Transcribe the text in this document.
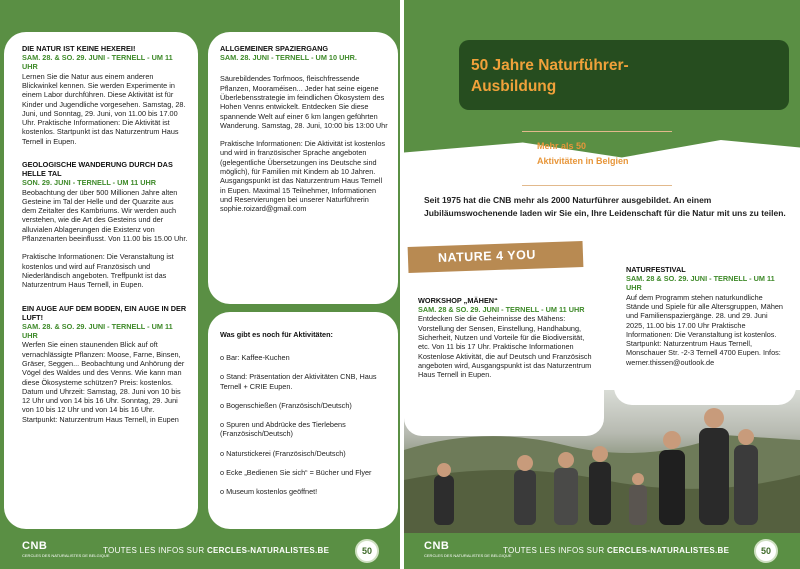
DIE NATUR IST KEINE HEXEREI!
SAM. 28. & SO. 29. JUNI - TERNELL - UM 11 UHR
Lernen Sie die Natur aus einem anderen Blickwinkel kennen. Sie werden Experimente in einem Labor durchführen. Diese Aktivität ist für Kinder und Jugendliche vorgesehen. Samstag, 28. Juni, und Sonntag, 29. Juni, von 11.00 bis 17.00 Uhr. Praktische Informationen: Die Aktivität ist kostenlos. Startpunkt ist das Naturzentrum Haus Ternell in Eupen.
GEOLOGISCHE WANDERUNG DURCH DAS HELLE TAL
SON. 29. JUNI - TERNELL - UM 11 UHR
Beobachtung der über 500 Millionen Jahre alten Gesteine im Tal der Helle und der Quarzite aus dem Zeitalter des Kambriums. Wir werden auch verstehen, wie die Art des Gesteins und der alluvialen Ablagerungen die Existenz von Pflanzenarten beeinflusst. Von 11.00 bis 15.00 Uhr.
Praktische Informationen: Die Veranstaltung ist kostenlos und wird auf Französisch und Niederländisch angeboten. Treffpunkt ist das Naturzentrum Haus Ternell, in Eupen.
EIN AUGE AUF DEM BODEN, EIN AUGE IN DER LUFT!
SAM. 28. & SO. 29. JUNI - TERNELL - UM 11 UHR
Werfen Sie einen staunenden Blick auf oft vernachlässigte Pflanzen: Moose, Farne, Binsen, Gräser, Seggen... Beobachtung und Anhörung der Vögel des Waldes und des Venns. Wie kann man diese Ökosysteme schützen? Preis: kostenlos. Datum und Uhrzeit: Samstag, 28. Juni von 10 bis 12 Uhr und von 14 bis 16 Uhr. Sonntag, 29. Juni von 10 bis 12 Uhr und von 14 bis 16 Uhr. Startpunkt: Naturzentrum Haus Ternell, in Eupen
ALLGEMEINER SPAZIERGANG
SAM. 28. JUNI - TERNELL - UM 10 UHR.
Säurebildendes Torfmoos, fleischfressende Pflanzen, Mooraméisen... Jeder hat seine eigene Überlebensstrategie im feindlichen Ökosystem des Hohen Venns entwickelt. Entdecken Sie diese spannende Welt auf einer 6 km langen geführten Wanderung. Samstag, 28. Juni, 10:00 bis 13:00 Uhr
Praktische Informationen: Die Aktivität ist kostenlos und wird in französischer Sprache angeboten (gelegentliche Übersetzungen ins Deutsche sind möglich), für Familien mit Kindern ab 10 Jahren. Ausgangspunkt ist das Naturzentrum Haus Ternell in Eupen. Maximal 15 Teilnehmer, Informationen und Reservierungen bei unserer Naturführerin sophie.roizard@gmail.com
Was gibt es noch für Aktivitäten:
o Bar: Kaffee-Kuchen
o Stand: Präsentation der Aktivitäten CNB, Haus Ternell + CRIE Eupen.
o Bogenschießen (Französisch/Deutsch)
o Spuren und Abdrücke des Tierlebens (Französisch/Deutsch)
o Naturstickerei (Französisch/Deutsch)
o Ecke „Bedienen Sie sich“ = Bücher und Flyer
o Museum kostenlos geöffnet!
CNB
CERCLES DES NATURALISTES DE BELGIQUE
TOUTES LES INFOS SUR CERCLES-NATURALISTES.BE	50
50 Jahre Naturführer-Ausbildung
Mehr als 50
Aktivitäten in Belgien
Seit 1975 hat die CNB mehr als 2000 Naturführer ausgebildet. An einem Jubiläumswochenende laden wir Sie ein, Ihre Leidenschaft für die Natur mit uns zu teilen.
NATURE 4 YOU
WORKSHOP „MÄHEN“
SAM. 28 & SO. 29. JUNI - TERNELL - UM 11 UHR
Entdecken Sie die Geheimnisse des Mähens: Vorstellung der Sensen, Einstellung, Handhabung, Sicherheit, Nutzen und Vorteile für die Biodiversität, etc. Von 11 bis 17 Uhr. Praktische Informationen Kostenlose Aktivität, die auf Deutsch und Französisch angeboten wird, Ausgangspunkt ist das Naturzentrum Haus Ternell in Eupen.
NATURFESTIVAL
SAM. 28 & SO. 29. JUNI - TERNELL - UM 11 UHR
Auf dem Programm stehen naturkundliche Stände und Spiele für alle Altersgruppen, Mähen und Familienspaziergänge. 28. und 29. Juni 2025, 11.00 bis 17.00 Uhr Praktische Informationen: Die Veranstaltung ist kostenlos. Startpunkt: Naturzentrum Haus Ternell, Monschauer Str. -2-3 Ternell 4700 Eupen. Infos: werner.thissen@outlook.de
CNB
CERCLES DES NATURALISTES DE BELGIQUE
TOUTES LES INFOS SUR CERCLES-NATURALISTES.BE	50
